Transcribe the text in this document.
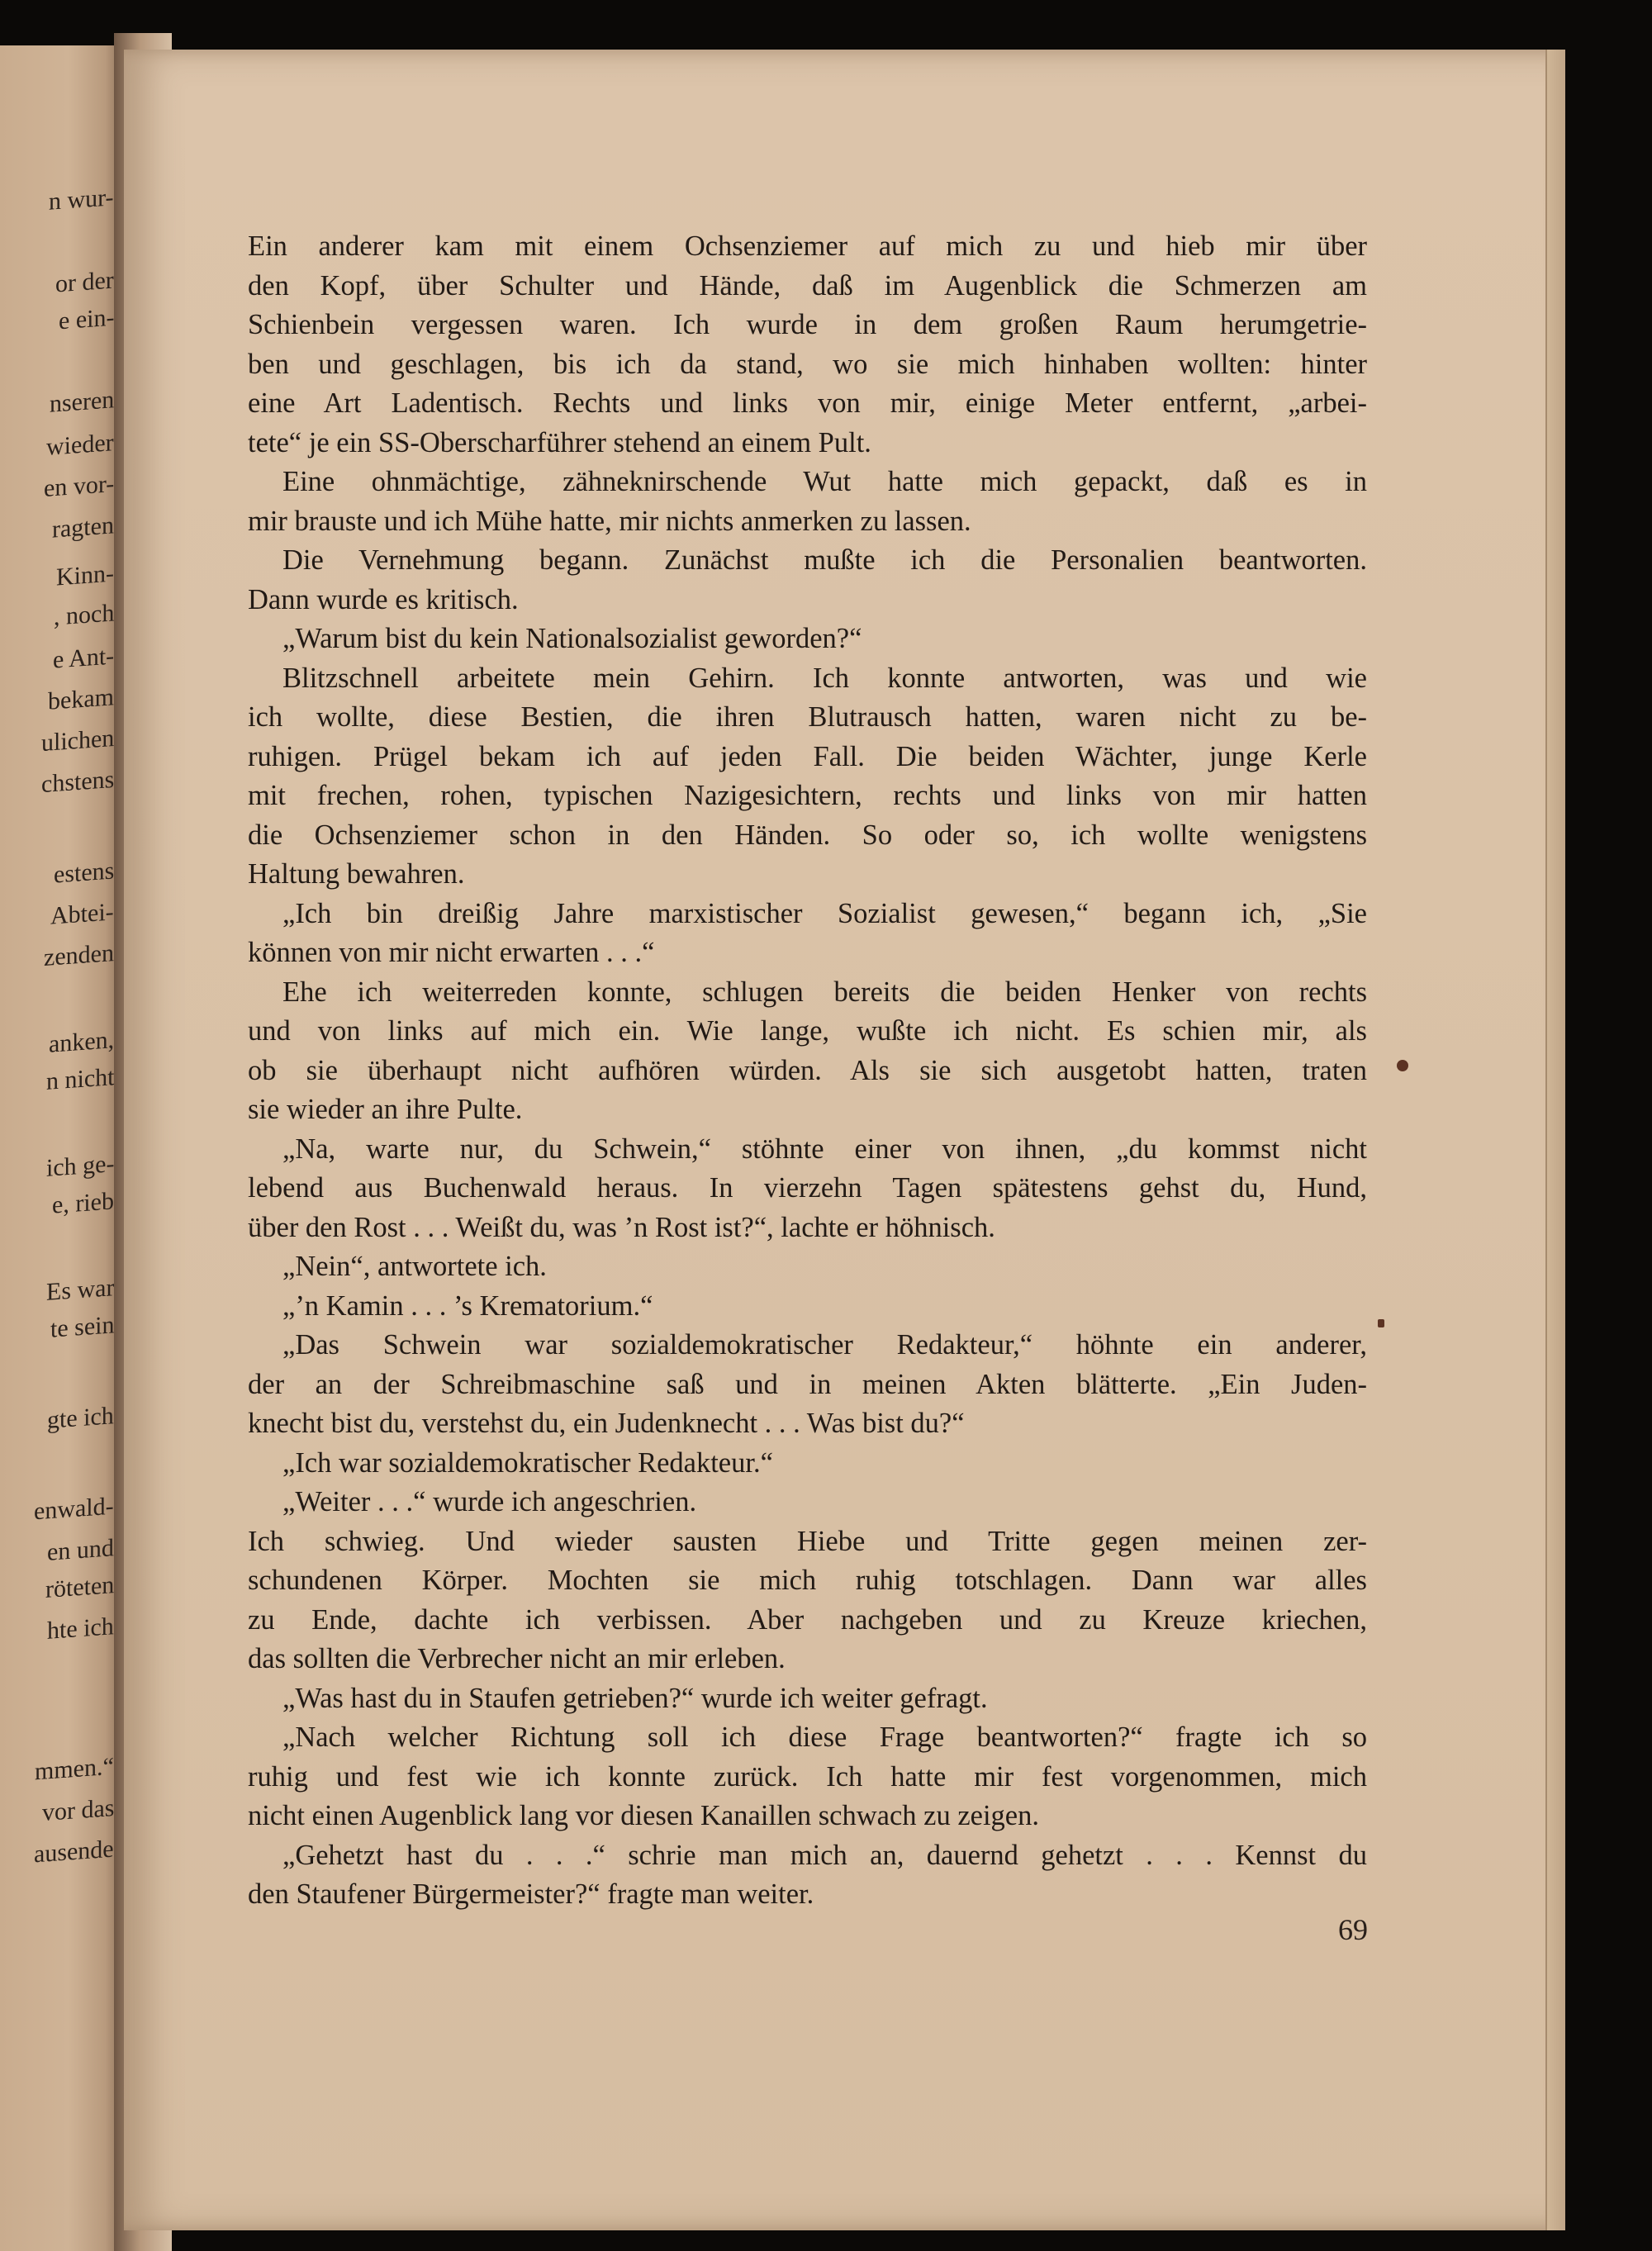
n wur-
or der
e ein-
nseren
wieder
en vor-
ragten
Kinn-
, noch
e Ant-
bekam
ulichen
chstens
estens
Abtei-
zenden
anken,
n nicht
ich ge-
e, rieb
Es war
te sein
gte ich
enwald-
en und
röteten
hte ich
mmen.“
vor das
ausende
Ein anderer kam mit einem Ochsenziemer auf mich zu und hieb mir über
den Kopf, über Schulter und Hände, daß im Augenblick die Schmerzen am
Schienbein vergessen waren. Ich wurde in dem großen Raum herumgetrie-
ben und geschlagen, bis ich da stand, wo sie mich hinhaben wollten: hinter
eine Art Ladentisch. Rechts und links von mir, einige Meter entfernt, „arbei-
tete“ je ein SS-Oberscharführer stehend an einem Pult.
Eine ohnmächtige, zähneknirschende Wut hatte mich gepackt, daß es in
mir brauste und ich Mühe hatte, mir nichts anmerken zu lassen.
Die Vernehmung begann. Zunächst mußte ich die Personalien beantworten.
Dann wurde es kritisch.
„Warum bist du kein Nationalsozialist geworden?“
Blitzschnell arbeitete mein Gehirn. Ich konnte antworten, was und wie
ich wollte, diese Bestien, die ihren Blutrausch hatten, waren nicht zu be-
ruhigen. Prügel bekam ich auf jeden Fall. Die beiden Wächter, junge Kerle
mit frechen, rohen, typischen Nazigesichtern, rechts und links von mir hatten
die Ochsenziemer schon in den Händen. So oder so, ich wollte wenigstens
Haltung bewahren.
„Ich bin dreißig Jahre marxistischer Sozialist gewesen,“ begann ich, „Sie
können von mir nicht erwarten . . .“
Ehe ich weiterreden konnte, schlugen bereits die beiden Henker von rechts
und von links auf mich ein. Wie lange, wußte ich nicht. Es schien mir, als
ob sie überhaupt nicht aufhören würden. Als sie sich ausgetobt hatten, traten
sie wieder an ihre Pulte.
„Na, warte nur, du Schwein,“ stöhnte einer von ihnen, „du kommst nicht
lebend aus Buchenwald heraus. In vierzehn Tagen spätestens gehst du, Hund,
über den Rost . . . Weißt du, was ’n Rost ist?“, lachte er höhnisch.
„Nein“, antwortete ich.
„’n Kamin . . . ’s Krematorium.“
„Das Schwein war sozialdemokratischer Redakteur,“ höhnte ein anderer,
der an der Schreibmaschine saß und in meinen Akten blätterte. „Ein Juden-
knecht bist du, verstehst du, ein Judenknecht . . . Was bist du?“
„Ich war sozialdemokratischer Redakteur.“
„Weiter . . .“ wurde ich angeschrien.
Ich schwieg. Und wieder sausten Hiebe und Tritte gegen meinen zer-
schundenen Körper. Mochten sie mich ruhig totschlagen. Dann war alles
zu Ende, dachte ich verbissen. Aber nachgeben und zu Kreuze kriechen,
das sollten die Verbrecher nicht an mir erleben.
„Was hast du in Staufen getrieben?“ wurde ich weiter gefragt.
„Nach welcher Richtung soll ich diese Frage beantworten?“ fragte ich so
ruhig und fest wie ich konnte zurück. Ich hatte mir fest vorgenommen, mich
nicht einen Augenblick lang vor diesen Kanaillen schwach zu zeigen.
„Gehetzt hast du . . .“ schrie man mich an, dauernd gehetzt . . . Kennst du
den Staufener Bürgermeister?“ fragte man weiter.
69
